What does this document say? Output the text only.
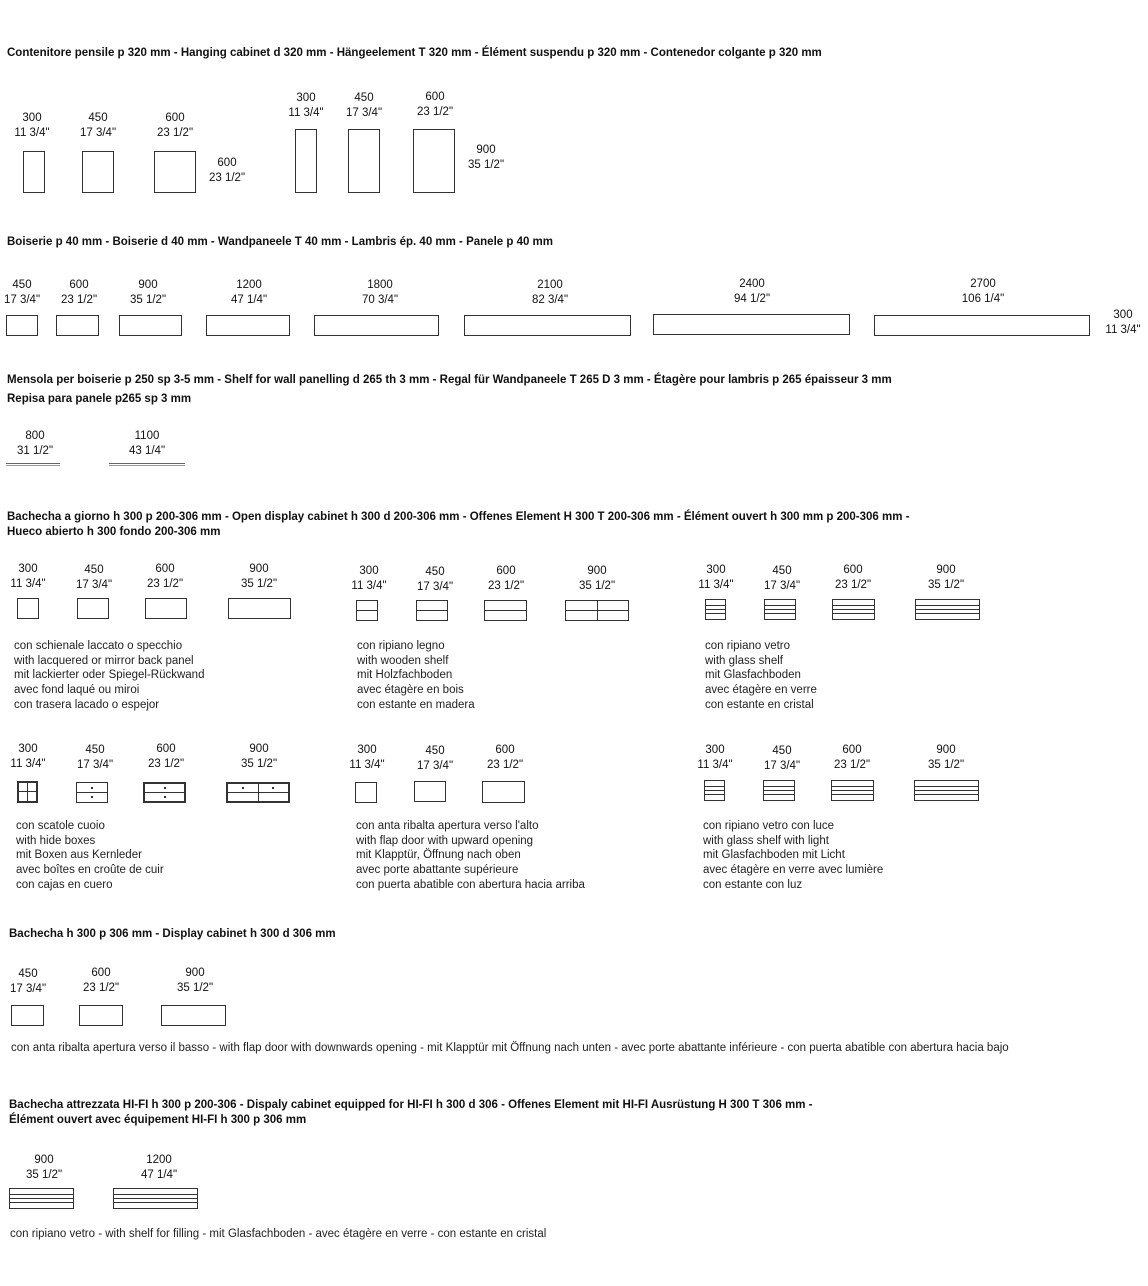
Contenitore pensile p 320 mm - Hanging cabinet d 320 mm - Hängeelement T 320 mm - Élément suspendu p 320 mm - Contenedor colgante p 320 mm
300
11 3/4"
450
17 3/4"
600
23 1/2"
600
23 1/2"
300
11 3/4"
450
17 3/4"
600
23 1/2"
900
35 1/2"
Boiserie p 40 mm - Boiserie d 40 mm - Wandpaneele T 40 mm - Lambris ép. 40 mm - Panele p 40 mm
450
17 3/4"
600
23 1/2"
900
35 1/2"
1200
47 1/4"
1800
70 3/4"
2100
82 3/4"
2400
94 1/2"
2700
106 1/4"
300
11 3/4"
Mensola per boiserie p 250 sp 3-5 mm - Shelf for wall panelling d 265 th 3 mm - Regal für Wandpaneele T 265 D 3 mm - Étagère pour lambris p 265 épaisseur 3 mm
Repisa para panele p265 sp 3 mm
800
31 1/2"
1100
43 1/4"
Bachecha a giorno h 300 p 200-306 mm - Open display cabinet h 300 d 200-306 mm - Offenes Element H 300 T 200-306 mm - Élément ouvert h 300 mm p 200-306 mm -
Hueco abierto h 300 fondo 200-306 mm
300
11 3/4"
450
17 3/4"
600
23 1/2"
900
35 1/2"
con schienale laccato o specchio
with lacquered or mirror back panel
mit lackierter oder Spiegel-Rückwand
avec fond laqué ou miroi
con trasera lacado o espejor
300
11 3/4"
450
17 3/4"
600
23 1/2"
900
35 1/2"
con ripiano legno
with wooden shelf
mit Holzfachboden
avec étagère en bois
con estante en madera
300
11 3/4"
450
17 3/4"
600
23 1/2"
900
35 1/2"
con ripiano vetro
with glass shelf
mit Glasfachboden
avec étagère en verre
con estante en cristal
300
11 3/4"
450
17 3/4"
600
23 1/2"
900
35 1/2"
con scatole cuoio
with hide boxes
mit Boxen aus Kernleder
avec boîtes en croûte de cuir
con cajas en cuero
300
11 3/4"
450
17 3/4"
600
23 1/2"
con anta ribalta apertura verso l'alto
with flap door with upward opening
mit Klapptür, Öffnung nach oben
avec porte abattante supérieure
con puerta abatible con abertura hacia arriba
300
11 3/4"
450
17 3/4"
600
23 1/2"
900
35 1/2"
con ripiano vetro con luce
with glass shelf with light
mit Glasfachboden mit Licht
avec étagère en verre avec lumière
con estante con luz
Bachecha h 300 p 306 mm - Display cabinet h 300 d 306 mm
450
17 3/4"
600
23 1/2"
900
35 1/2"
con anta ribalta apertura verso il basso - with flap door with downwards opening - mit Klapptür mit Öffnung nach unten - avec porte abattante inférieure - con puerta abatible con abertura hacia bajo
Bachecha attrezzata HI-FI h 300 p 200-306 - Dispaly cabinet equipped for HI-FI h 300 d 306 - Offenes Element mit HI-FI Ausrüstung H 300 T 306 mm -
Élément ouvert avec équipement HI-FI h 300 p 306 mm
900
35 1/2"
1200
47 1/4"
con ripiano vetro - with shelf for filling - mit Glasfachboden - avec étagère en verre - con estante en cristal
